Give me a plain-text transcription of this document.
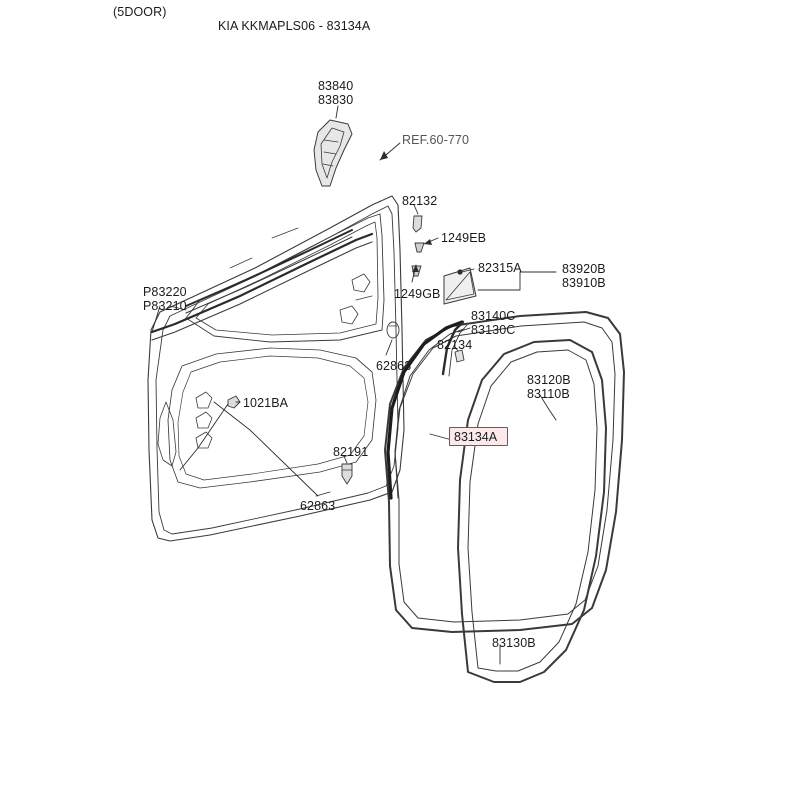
(5DOOR)
KIA KKMAPLS06 - 83134A
83840
83830
REF.60-770
82132
1249EB
82315A	83920B
83910B
1249GB
P83220
P83210
83140C
83130C
82134
62863
83120B
83110B
1021BA
82191
62863
83130B
83134A
